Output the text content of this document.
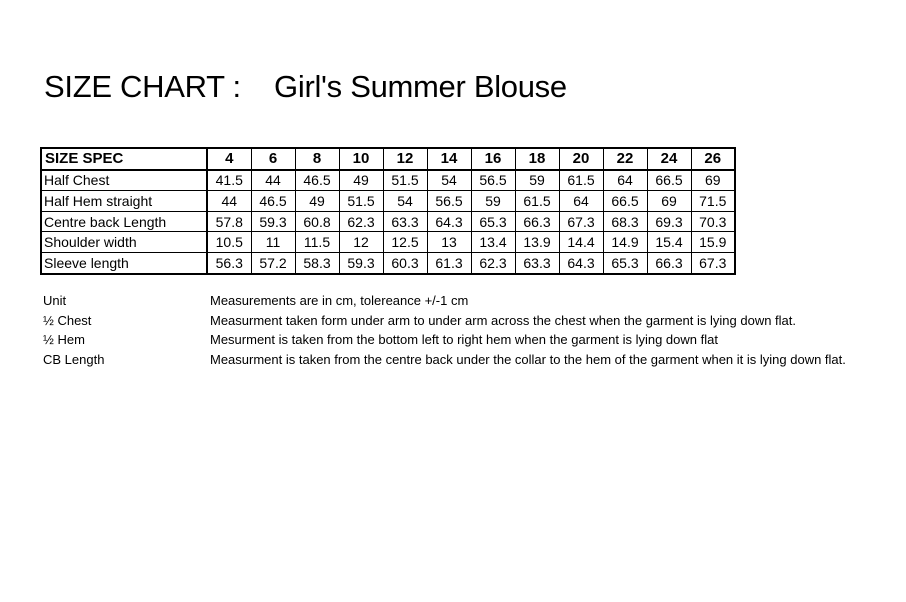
SIZE CHART :    Girl's Summer Blouse
SIZE SPEC	4	6	8	10	12	14	16	18	20	22	24	26
Half Chest	41.5	44	46.5	49	51.5	54	56.5	59	61.5	64	66.5	69
Half Hem straight	44	46.5	49	51.5	54	56.5	59	61.5	64	66.5	69	71.5
Centre back Length	57.8	59.3	60.8	62.3	63.3	64.3	65.3	66.3	67.3	68.3	69.3	70.3
Shoulder width	10.5	11	11.5	12	12.5	13	13.4	13.9	14.4	14.9	15.4	15.9
Sleeve length	56.3	57.2	58.3	59.3	60.3	61.3	62.3	63.3	64.3	65.3	66.3	67.3
Unit	Measurements are in cm, tolereance +/-1 cm
½ Chest	Measurment taken form under arm to under arm across the chest when the garment is lying down flat.
½ Hem	Mesurment is taken from the bottom left to right hem when the garment is lying down flat
CB Length	Measurment is taken from the centre back under the collar to the hem of the garment when it is lying down flat.
